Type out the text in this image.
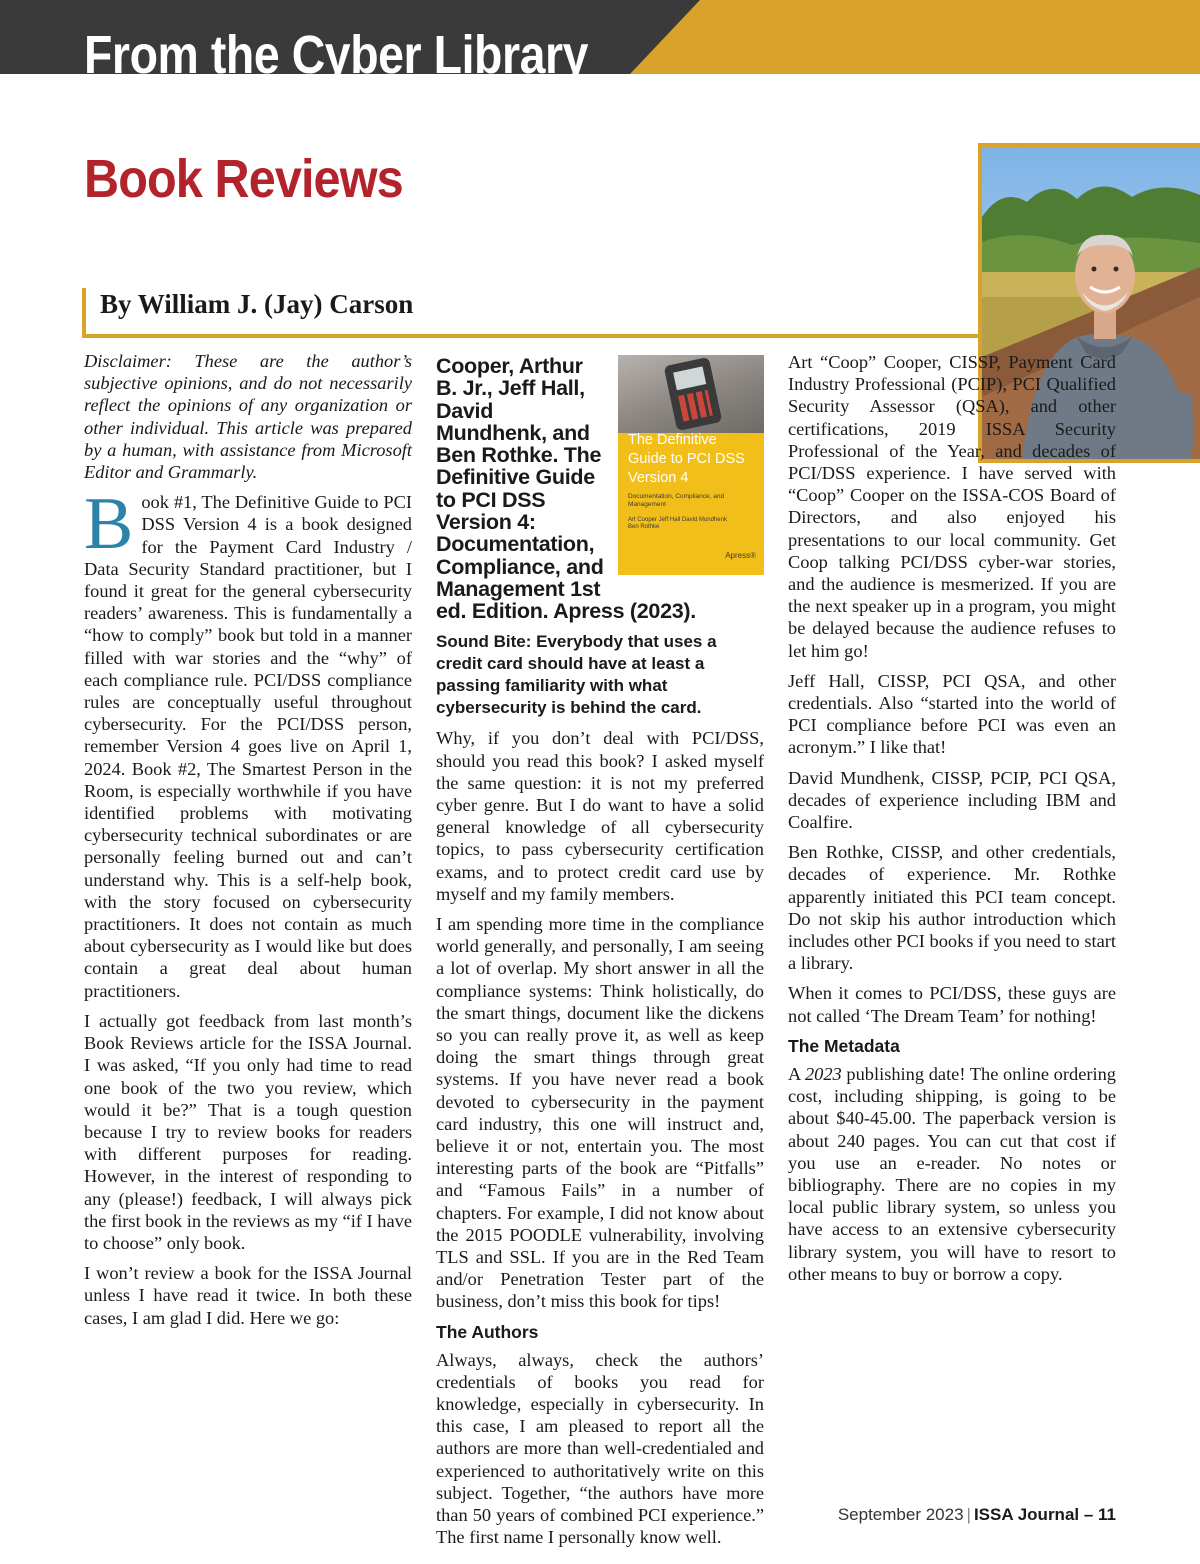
From the Cyber Library
Book Reviews
By William J. (Jay) Carson

Disclaimer: These are the author’s subjective opinions, and do not necessarily reflect the opinions of any organization or other individual. This article was prepared by a human, with assistance from Microsoft Editor and Grammarly.

Book #1, The Definitive Guide to PCI DSS Version 4 is a book designed for the Payment Card Industry / Data Security Standard practitioner, but I found it great for the general cybersecurity readers’ awareness. This is fundamentally a “how to comply” book but told in a manner filled with war stories and the “why” of each compliance rule. PCI/DSS compliance rules are conceptually useful throughout cybersecurity. For the PCI/DSS person, remember Version 4 goes live on April 1, 2024. Book #2, The Smartest Person in the Room, is especially worthwhile if you have identified problems with motivating cybersecurity technical subordinates or are personally feeling burned out and can’t understand why. This is a self-help book, with the story focused on cybersecurity practitioners. It does not contain as much about cybersecurity as I would like but does contain a great deal about human practitioners.

I actually got feedback from last month’s Book Reviews article for the ISSA Journal. I was asked, “If you only had time to read one book of the two you review, which would it be?” That is a tough question because I try to review books for readers with different purposes for reading. However, in the interest of responding to any (please!) feedback, I will always pick the first book in the reviews as my “if I have to choose” only book.

I won’t review a book for the ISSA Journal unless I have read it twice. In both these cases, I am glad I did. Here we go:

The Definitive Guide to PCI DSS Version 4
Documentation, Compliance, and Management
Art Cooper Jeff Hall David Mundhenk Ben Rothke
Apress®

Cooper, Arthur B. Jr., Jeff Hall, David Mundhenk, and Ben Rothke. The Definitive Guide to PCI DSS Version 4: Documentation, Compliance, and Management 1st ed. Edition. Apress (2023).

Sound Bite: Everybody that uses a credit card should have at least a passing familiarity with what cybersecurity is behind the card.

Why, if you don’t deal with PCI/DSS, should you read this book? I asked myself the same question: it is not my preferred cyber genre. But I do want to have a solid general knowledge of all cybersecurity topics, to pass cybersecurity certification exams, and to protect credit card use by myself and my family members.

I am spending more time in the compliance world generally, and personally, I am seeing a lot of overlap. My short answer in all the compliance systems: Think holistically, do the smart things, document like the dickens so you can really prove it, as well as keep doing the smart things through great systems. If you have never read a book devoted to cybersecurity in the payment card industry, this one will instruct and, believe it or not, entertain you. The most interesting parts of the book are “Pitfalls” and “Famous Fails” in a number of chapters. For example, I did not know about the 2015 POODLE vulnerability, involving TLS and SSL. If you are in the Red Team and/or Penetration Tester part of the business, don’t miss this book for tips!

The Authors

Always, always, check the authors’ credentials of books you read for knowledge, especially in cybersecurity. In this case, I am pleased to report all the authors are more than well-credentialed and experienced to authoritatively write on this subject. Together, “the authors have more than 50 years of combined PCI experience.” The first name I personally know well.

Art “Coop” Cooper, CISSP, Payment Card Industry Professional (PCIP), PCI Qualified Security Assessor (QSA), and other certifications, 2019 ISSA Security Professional of the Year, and decades of PCI/DSS experience. I have served with “Coop” Cooper on the ISSA-COS Board of Directors, and also enjoyed his presentations to our local community. Get Coop talking PCI/DSS cyber-war stories, and the audience is mesmerized. If you are the next speaker up in a program, you might be delayed because the audience refuses to let him go!

Jeff Hall, CISSP, PCI QSA, and other credentials. Also “started into the world of PCI compliance before PCI was even an acronym.” I like that!

David Mundhenk, CISSP, PCIP, PCI QSA, decades of experience including IBM and Coalfire.

Ben Rothke, CISSP, and other credentials, decades of experience. Mr. Rothke apparently initiated this PCI team concept. Do not skip his author introduction which includes other PCI books if you need to start a library.

When it comes to PCI/DSS, these guys are not called ‘The Dream Team’ for nothing!

The Metadata

A 2023 publishing date! The online ordering cost, including shipping, is going to be about $40-45.00. The paperback version is about 240 pages. You can cut that cost if you use an e-reader. No notes or bibliography. There are no copies in my local public library system, so unless you have access to an extensive cybersecurity library system, you will have to resort to other means to buy or borrow a copy.

September 2023 | ISSA Journal – 11
